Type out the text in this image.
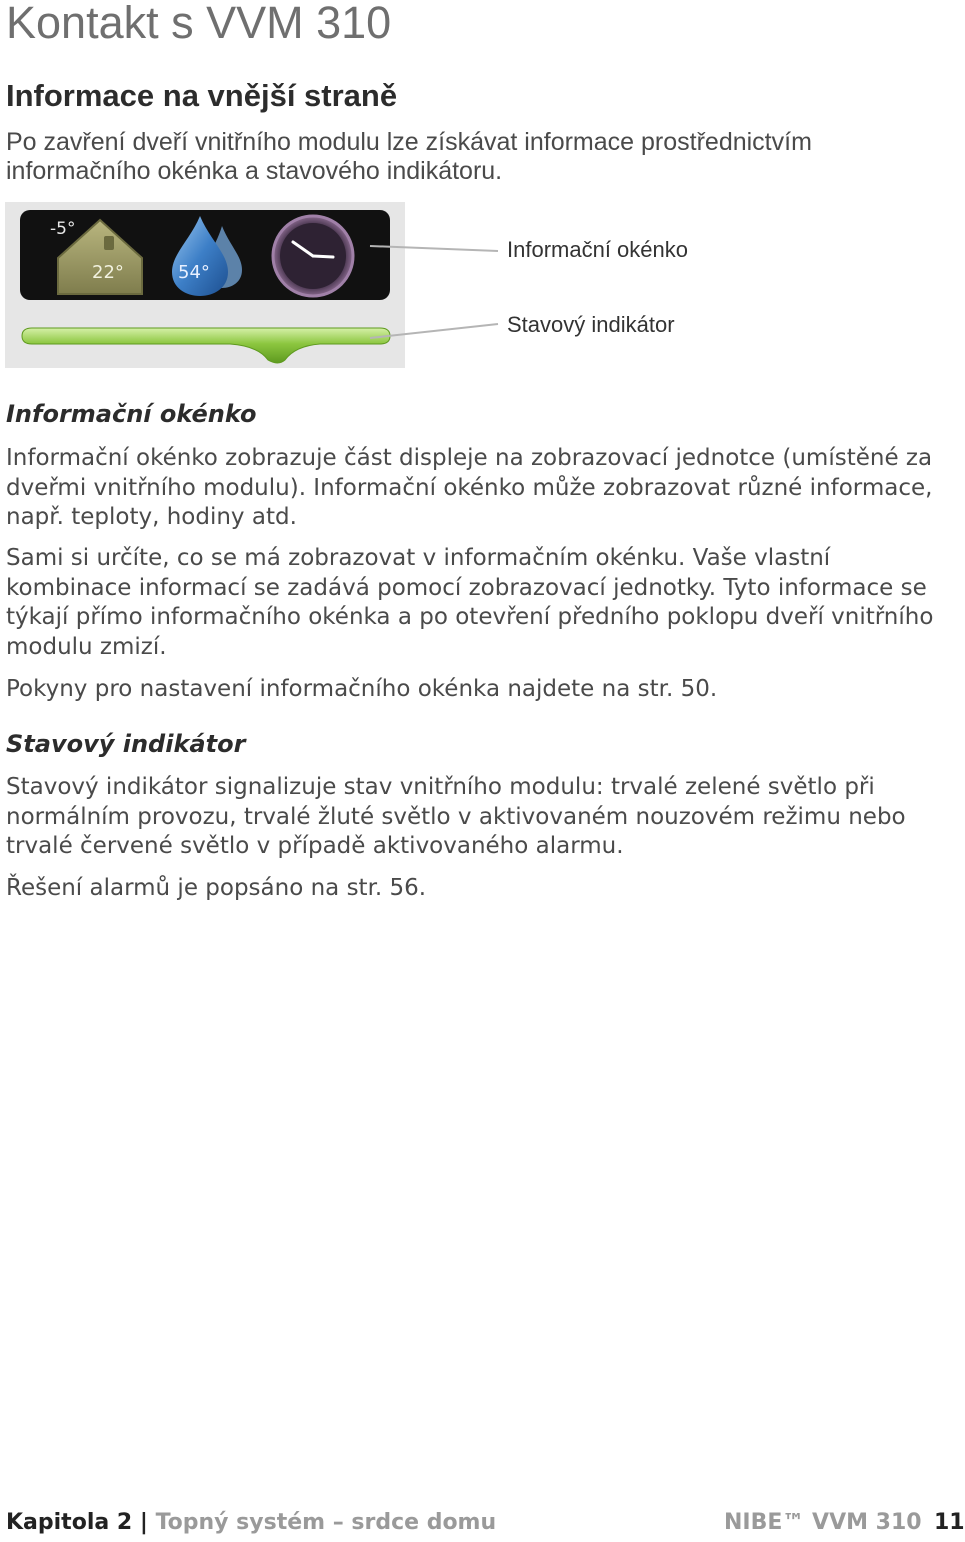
Kontakt s VVM 310
Informace na vnější straně

Po zavření dveří vnitřního modulu lze získávat informace prostřednictvím informačního okénka a stavového indikátoru.

-5°
22°	54°
Informační okénko
Stavový indikátor
Informační okénko

Informační okénko zobrazuje část displeje na zobrazovací jednotce (umístěné za dveřmi vnitřního modulu). Informační okénko může zobrazovat různé informace, např. teploty, hodiny atd.

Sami si určíte, co se má zobrazovat v informačním okénku. Vaše vlastní kombinace informací se zadává pomocí zobrazovací jednotky. Tyto informace se týkají přímo informačního okénka a po otevření předního poklopu dveří vnitřního modulu zmizí.

Pokyny pro nastavení informačního okénka najdete na str. 50.

Stavový indikátor

Stavový indikátor signalizuje stav vnitřního modulu: trvalé zelené světlo při normálním provozu, trvalé žluté světlo v aktivovaném nouzovém režimu nebo trvalé červené světlo v případě aktivovaného alarmu.

Řešení alarmů je popsáno na str. 56.

Kapitola 2 | Topný systém – srdce domu	NIBE™ VVM 310 11
